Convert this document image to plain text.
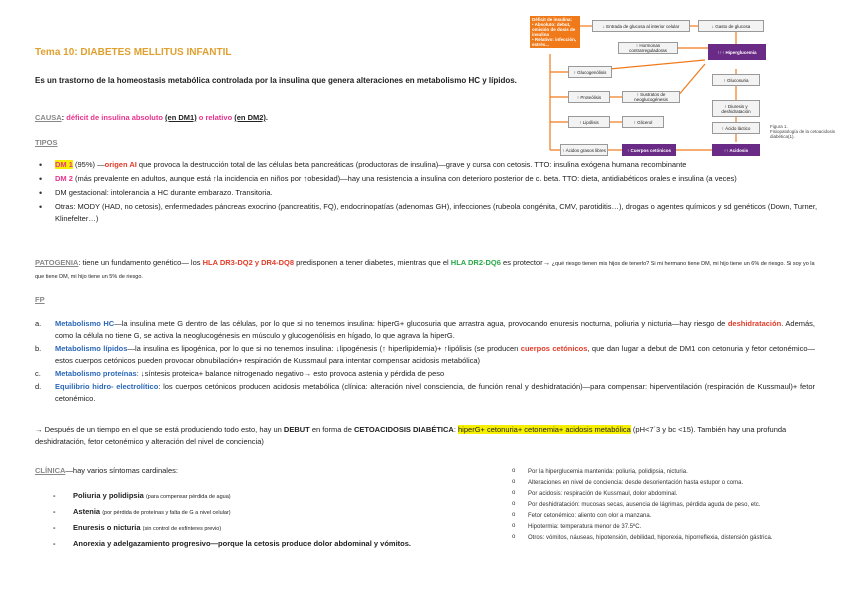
Tema 10: DIABETES MELLITUS INFANTIL
Es un trastorno de la homeostasis metabólica controlada por la insulina que genera alteraciones en metabolismo HC y lípidos.
CAUSA: déficit de insulina absoluto (en DM1) o relativo (en DM2).
TIPOS
• DM 1 (95%) —origen AI que provoca la destrucción total de las células beta pancreáticas (productoras de insulina)—grave y cursa con cetosis. TTO: insulina exógena humana recombinante
• DM 2 (más prevalente en adultos, aunque está ↑la incidencia en niños por ↑obesidad)—hay una resistencia a insulina con deterioro posterior de c. beta. TTO: dieta, antidiabéticos orales e insulina (a veces)
• DM gestacional: intolerancia a HC durante embarazo. Transitoria.
• Otras: MODY (HAD, no cetosis), enfermedades páncreas exocrino (pancreatitis, FQ), endocrinopatías (adenomas GH), infecciones (rubeola congénita, CMV, parotiditis…), drogas o agentes químicos y sd genéticos (Down, Turner, Klinefelter…)
PATOGENIA: tiene un fundamento genético— los HLA DR3-DQ2 y DR4-DQ8 predisponen a tener diabetes, mientras que el HLA DR2-DQ6 es protector→ ¿qué riesgo tienen mis hijos de tenerlo? Si mi hermano tiene DM, mi hijo tiene un 6% de riesgo. Si soy yo la que tiene DM, mi hijo tiene un 5% de riesgo.
FP
a. Metabolismo HC—la insulina mete G dentro de las células, por lo que si no tenemos insulina: hiperG+ glucosuria que arrastra agua, provocando enuresis nocturna, poliuria y nicturia—hay riesgo de deshidratación. Además, como la célula no tiene G, se activa la neoglucogénesis en músculo y glucogenólisis en hígado, lo que agrava la hiperG.
b. Metabolismo lípidos—la insulina es lipogénica, por lo que si no tenemos insulina: ↓lipogénesis (↑ hiperlipidemia)+ ↑lipólisis (se producen cuerpos cetónicos, que dan lugar a debut de DM1 con cetonuria y fetor cetonémico—estos cuerpos cetónicos pueden provocar obnubilación+ respiración de Kussmaul para intentar compensar acidosis metabólica)
c. Metabolismo proteínas: ↓síntesis proteica+ balance nitrogenado negativo→ esto provoca astenia y pérdida de peso
d. Equilibrio hidro- electrolítico: los cuerpos cetónicos producen acidosis metabólica (clínica: alteración nivel consciencia, de función renal y deshidratación)—para compensar: hiperventilación (respiración de Kussmaul)+ fetor cetonémico.
→ Después de un tiempo en el que se está produciendo todo esto, hay un DEBUT en forma de CETOACIDOSIS DIABÉTICA: hiperG+ cetonuria+ cetonemia+ acidosis metabólica (pH<7´3 y bc <15). También hay una profunda deshidratación, fetor cetonémico y alteración del nivel de conciencia)
CLÍNICA—hay varios síntomas cardinales:
- Poliuria y polidipsia (para compensar pérdida de agua)
- Astenia (por pérdida de proteínas y falta de G a nivel celular)
- Enuresis o nicturia (sin control de esfínteres previo)
- Anorexia y adelgazamiento progresivo—porque la cetosis produce dolor abdominal y vómitos.
o Por la hiperglucemia mantenida: poliuria, polidipsia, nicturia.
o Alteraciones en nivel de conciencia: desde desorientación hasta estupor o coma.
o Por acidosis: respiración de Kussmaul, dolor abdominal.
o Por deshidratación: mucosas secas, ausencia de lágrimas, pérdida aguda de peso, etc.
o Fetor cetonémico: aliento con olor a manzana.
o Hipotermia: temperatura menor de 37.5ºC.
o Otros: vómitos, náuseas, hipotensión, debilidad, hiporexia, hiporreflexia, distensión gástrica.
Déficit de insulina:
• Absoluto: debut, omisión de dosis de insulina
• Relativo: infección, estrés...
↓ Entrada de glucosa al interior celular	↓ Gasto de glucosa
↑ Hormonas contrarreguladoras	↑↑↑ Hiperglucemia
↑ Glucogenólisis
↑ Glucosuria
↑ Proteólisis	↑ Sustratos de neoglucogénesis
↑ Diuresis y deshidratación
↑ Lipólisis	↑ Glicerol
↑ Ácido láctico
↑ Ácidos grasos libres	↑ Cuerpos cetónicos	↑↑ Acidosis
Figura 1.
Fisiopatología de la cetoacidosis diabética(1).
